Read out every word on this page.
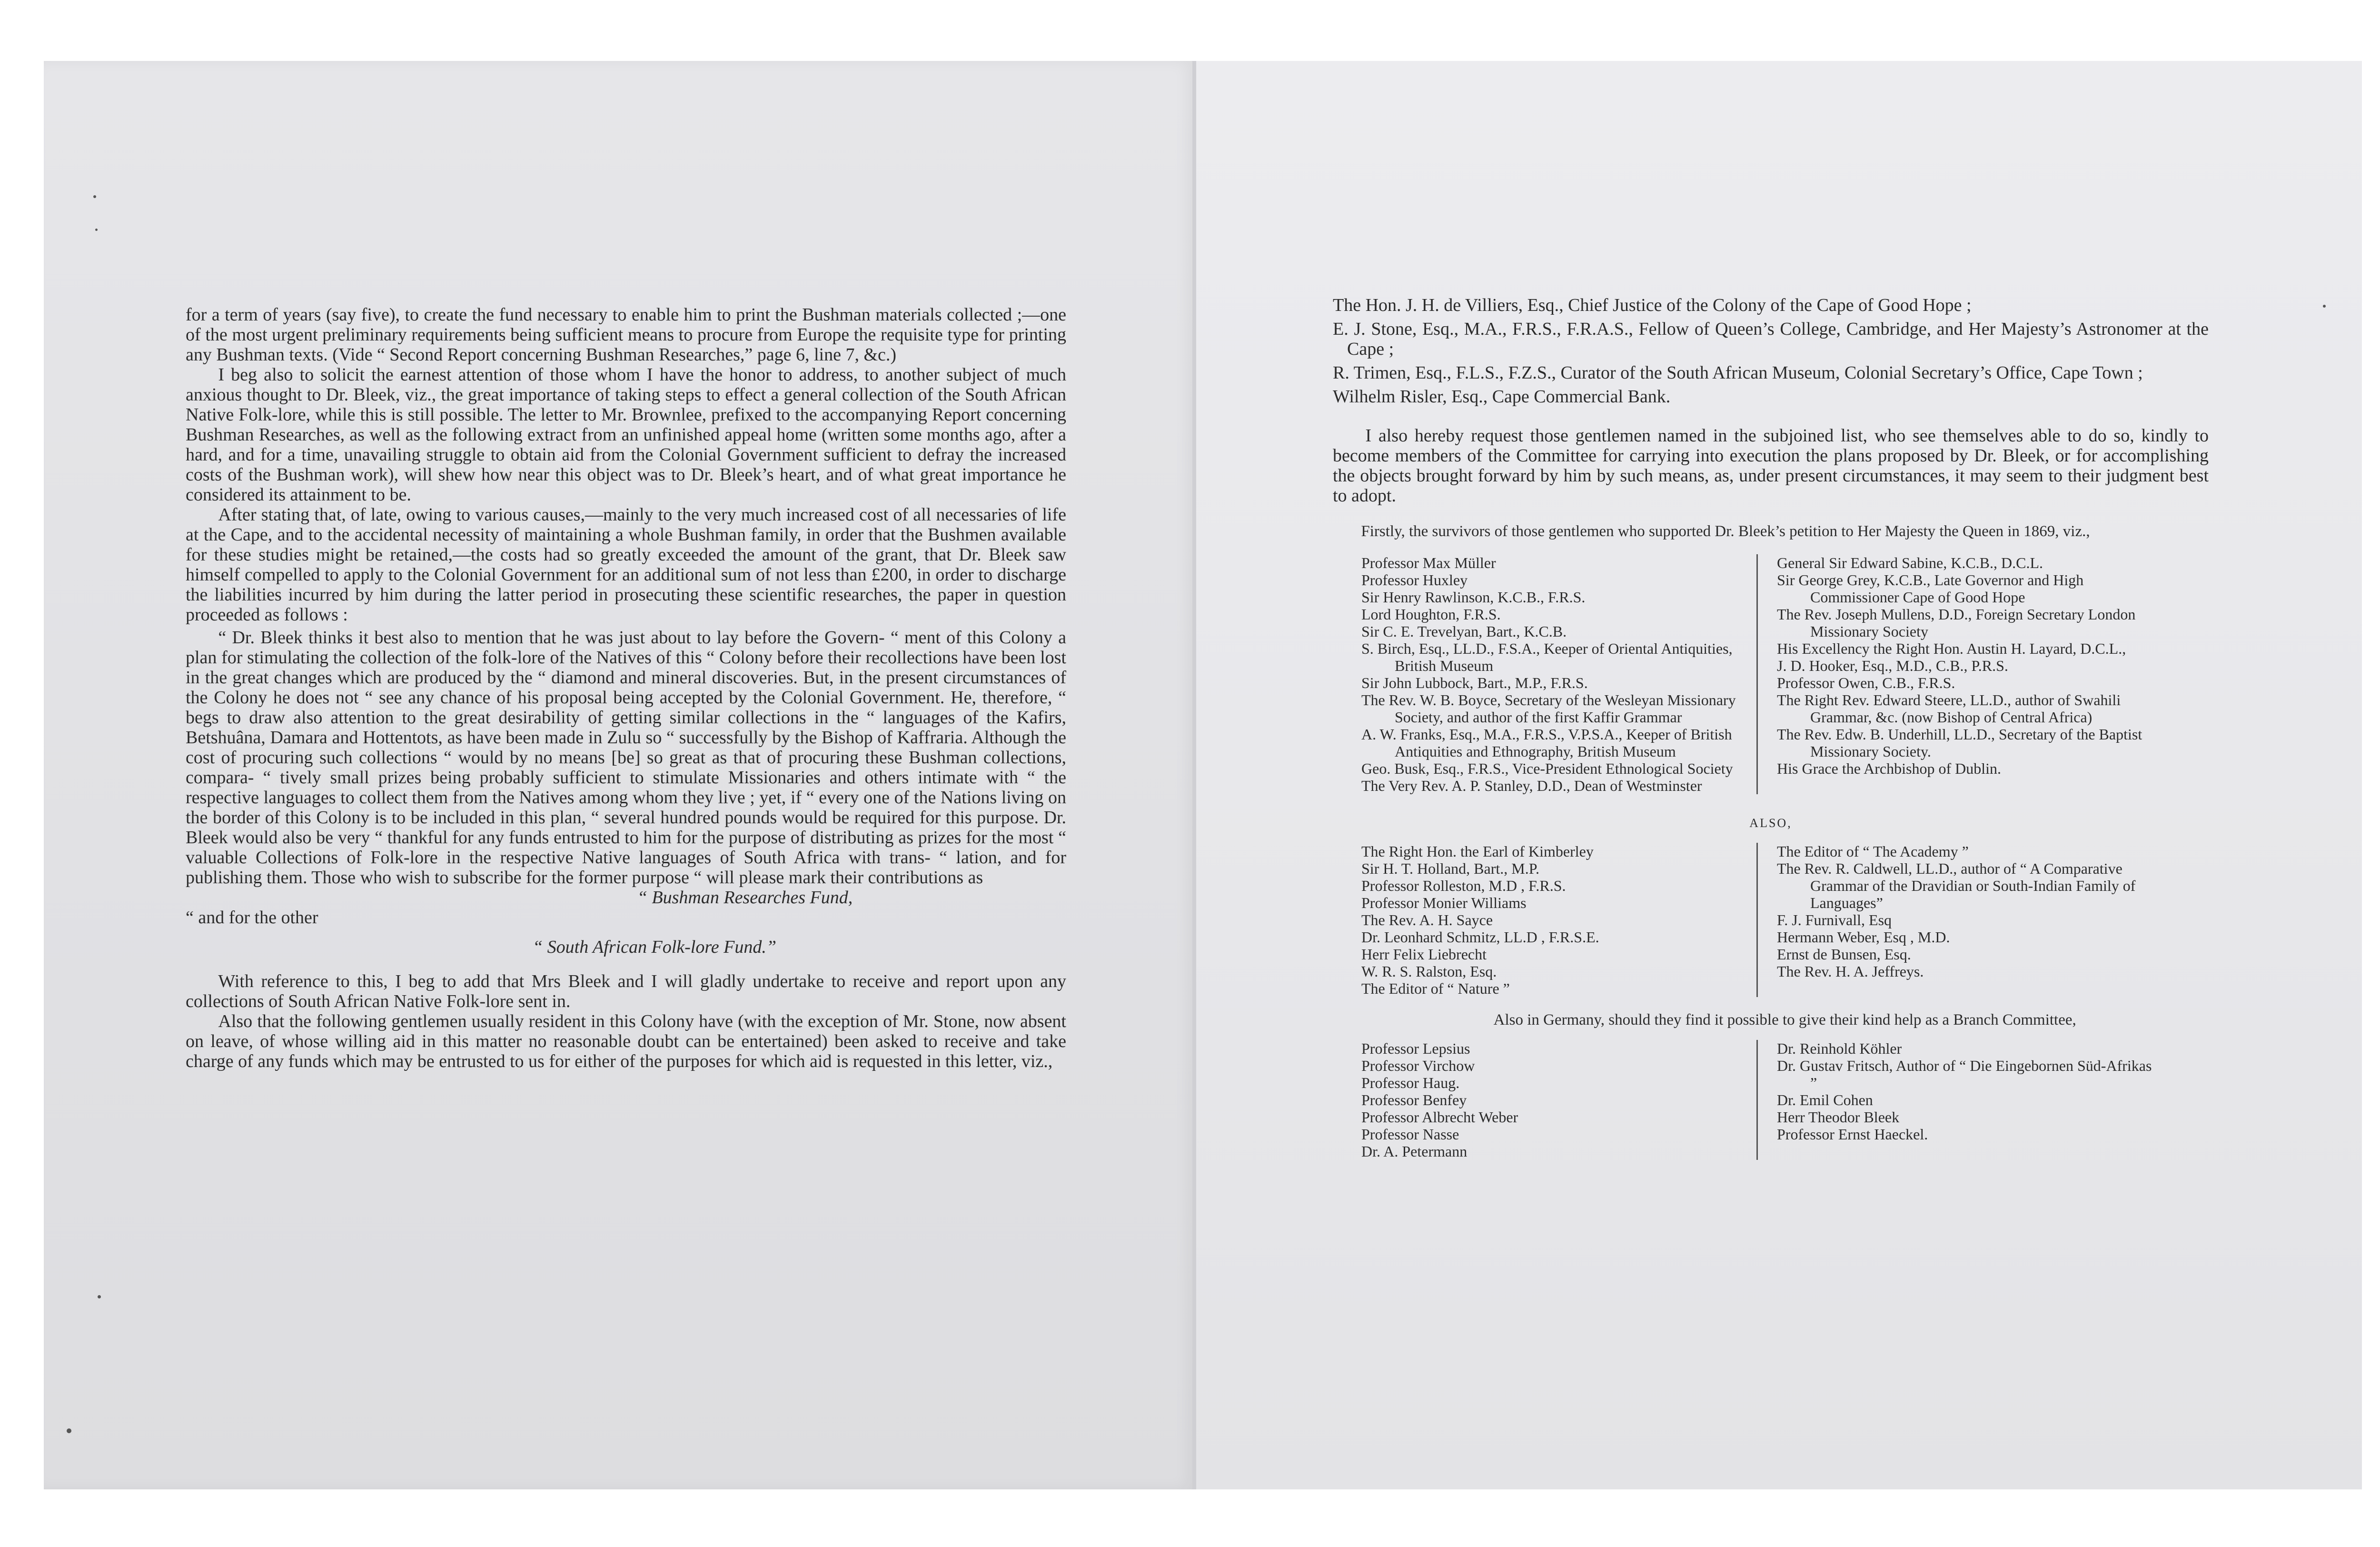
for a term of years (say five), to create the fund necessary to enable him to print the Bushman materials collected ;—one of the most urgent preliminary requirements being sufficient means to procure from Europe the requisite type for printing any Bushman texts. (Vide “ Second Report concerning Bushman Researches,” page 6, line 7, &c.)

I beg also to solicit the earnest attention of those whom I have the honor to address, to another subject of much anxious thought to Dr. Bleek, viz., the great importance of taking steps to effect a general collection of the South African Native Folk-lore, while this is still possible. The letter to Mr. Brownlee, prefixed to the accompanying Report concerning Bushman Researches, as well as the following extract from an unfinished appeal home (written some months ago, after a hard, and for a time, unavailing struggle to obtain aid from the Colonial Government sufficient to defray the increased costs of the Bushman work), will shew how near this object was to Dr. Bleek’s heart, and of what great importance he considered its attainment to be.

After stating that, of late, owing to various causes,—mainly to the very much increased cost of all necessaries of life at the Cape, and to the accidental necessity of maintaining a whole Bushman family, in order that the Bushmen available for these studies might be retained,—the costs had so greatly exceeded the amount of the grant, that Dr. Bleek saw himself compelled to apply to the Colonial Government for an additional sum of not less than £200, in order to discharge the liabilities incurred by him during the latter period in prosecuting these scientific researches, the paper in question proceeded as follows :

“ Dr. Bleek thinks it best also to mention that he was just about to lay before the Govern- “ ment of this Colony a plan for stimulating the collection of the folk-lore of the Natives of this “ Colony before their recollections have been lost in the great changes which are produced by the “ diamond and mineral discoveries. But, in the present circumstances of the Colony he does not “ see any chance of his proposal being accepted by the Colonial Government. He, therefore, “ begs to draw also attention to the great desirability of getting similar collections in the “ languages of the Kafirs, Betshuâna, Damara and Hottentots, as have been made in Zulu so “ successfully by the Bishop of Kaffraria. Although the cost of procuring such collections “ would by no means [be] so great as that of procuring these Bushman collections, compara- “ tively small prizes being probably sufficient to stimulate Missionaries and others intimate with “ the respective languages to collect them from the Natives among whom they live ; yet, if “ every one of the Nations living on the border of this Colony is to be included in this plan, “ several hundred pounds would be required for this purpose. Dr. Bleek would also be very “ thankful for any funds entrusted to him for the purpose of distributing as prizes for the most “ valuable Collections of Folk-lore in the respective Native languages of South Africa with trans- “ lation, and for publishing them. Those who wish to subscribe for the former purpose “ will please mark their contributions as

“ Bushman Researches Fund,

“ and for the other

“ South African Folk-lore Fund.”

With reference to this, I beg to add that Mrs Bleek and I will gladly undertake to receive and report upon any collections of South African Native Folk-lore sent in.

Also that the following gentlemen usually resident in this Colony have (with the exception of Mr. Stone, now absent on leave, of whose willing aid in this matter no reasonable doubt can be entertained) been asked to receive and take charge of any funds which may be entrusted to us for either of the purposes for which aid is requested in this letter, viz.,

The Hon. J. H. de Villiers, Esq., Chief Justice of the Colony of the Cape of Good Hope ;

E. J. Stone, Esq., M.A., F.R.S., F.R.A.S., Fellow of Queen’s College, Cambridge, and Her Majesty’s Astronomer at the Cape ;

R. Trimen, Esq., F.L.S., F.Z.S., Curator of the South African Museum, Colonial Secretary’s Office, Cape Town ;

Wilhelm Risler, Esq., Cape Commercial Bank.

I also hereby request those gentlemen named in the subjoined list, who see themselves able to do so, kindly to become members of the Committee for carrying into execution the plans proposed by Dr. Bleek, or for accomplishing the objects brought forward by him by such means, as, under present circumstances, it may seem to their judgment best to adopt.

Firstly, the survivors of those gentlemen who supported Dr. Bleek’s petition to Her Majesty the Queen in 1869, viz.,

Professor Max Müller
Professor Huxley
Sir Henry Rawlinson, K.C.B., F.R.S.
Lord Houghton, F.R.S.
Sir C. E. Trevelyan, Bart., K.C.B.
S. Birch, Esq., LL.D., F.S.A., Keeper of Oriental Antiquities, British Museum
Sir John Lubbock, Bart., M.P., F.R.S.
The Rev. W. B. Boyce, Secretary of the Wesleyan Missionary Society, and author of the first Kaffir Grammar
A. W. Franks, Esq., M.A., F.R.S., V.P.S.A., Keeper of British Antiquities and Ethnography, British Museum
Geo. Busk, Esq., F.R.S., Vice-President Ethnological Society
The Very Rev. A. P. Stanley, D.D., Dean of Westminster
General Sir Edward Sabine, K.C.B., D.C.L.
Sir George Grey, K.C.B., Late Governor and High Commissioner Cape of Good Hope
The Rev. Joseph Mullens, D.D., Foreign Secretary London Missionary Society
His Excellency the Right Hon. Austin H. Layard, D.C.L.,
J. D. Hooker, Esq., M.D., C.B., P.R.S.
Professor Owen, C.B., F.R.S.
The Right Rev. Edward Steere, LL.D., author of Swahili Grammar, &c. (now Bishop of Central Africa)
The Rev. Edw. B. Underhill, LL.D., Secretary of the Baptist Missionary Society.
His Grace the Archbishop of Dublin.
ALSO,
The Right Hon. the Earl of Kimberley
Sir H. T. Holland, Bart., M.P.
Professor Rolleston, M.D , F.R.S.
Professor Monier Williams
The Rev. A. H. Sayce
Dr. Leonhard Schmitz, LL.D , F.R.S.E.
Herr Felix Liebrecht
W. R. S. Ralston, Esq.
The Editor of “ Nature ”
The Editor of “ The Academy ”
The Rev. R. Caldwell, LL.D., author of “ A Comparative Grammar of the Dravidian or South-Indian Family of Languages”
F. J. Furnivall, Esq
Hermann Weber, Esq , M.D.
Ernst de Bunsen, Esq.
The Rev. H. A. Jeffreys.

Also in Germany, should they find it possible to give their kind help as a Branch Committee,

Professor Lepsius
Professor Virchow
Professor Haug.
Professor Benfey
Professor Albrecht Weber
Professor Nasse
Dr. A. Petermann
Dr. Reinhold Köhler
Dr. Gustav Fritsch, Author of “ Die Eingebornen Süd-Afrikas ”
Dr. Emil Cohen
Herr Theodor Bleek
Professor Ernst Haeckel.
